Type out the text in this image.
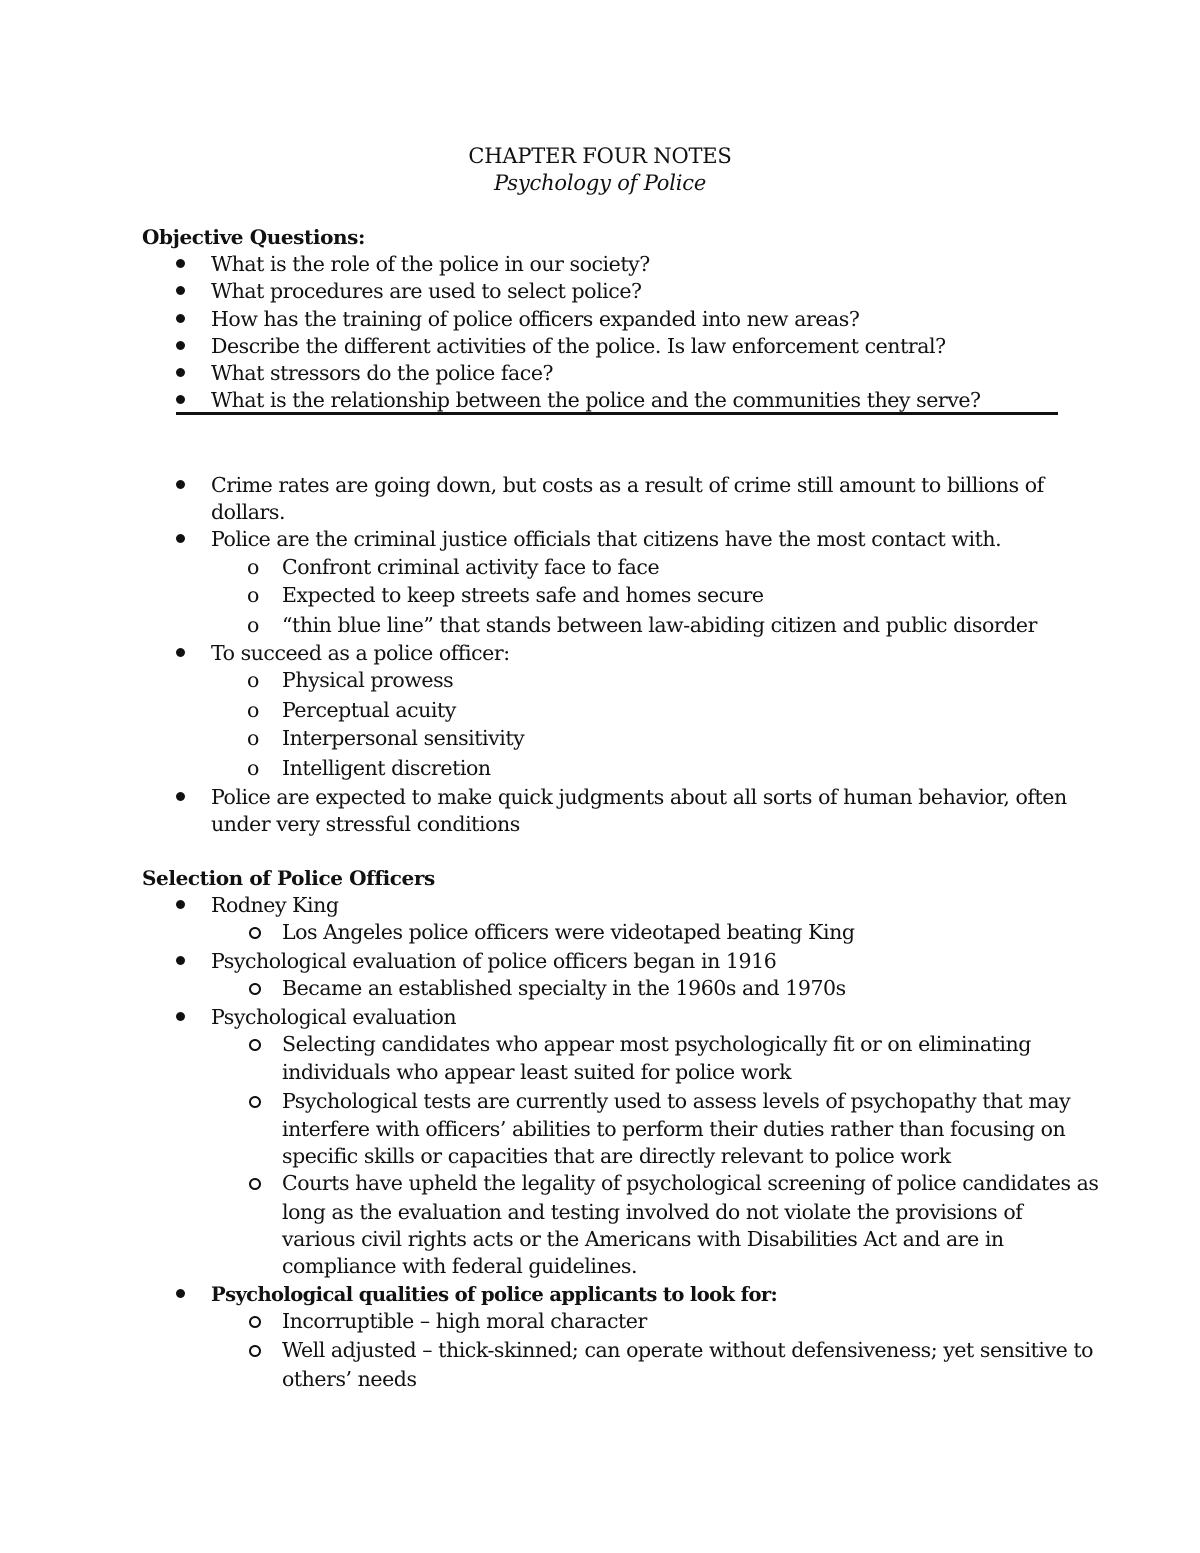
CHAPTER FOUR NOTES
Psychology of Police
Objective Questions:
What is the role of the police in our society?
What procedures are used to select police?
How has the training of police officers expanded into new areas?
Describe the different activities of the police. Is law enforcement central?
What stressors do the police face?
What is the relationship between the police and the communities they serve?
Crime rates are going down, but costs as a result of crime still amount to billions of
dollars.
Police are the criminal justice officials that citizens have the most contact with.
o Confront criminal activity face to face
o Expected to keep streets safe and homes secure
o “thin blue line” that stands between law-abiding citizen and public disorder
To succeed as a police officer:
o Physical prowess
o Perceptual acuity
o Interpersonal sensitivity
o Intelligent discretion
Police are expected to make quick judgments about all sorts of human behavior, often
under very stressful conditions
Selection of Police Officers
Rodney King
Los Angeles police officers were videotaped beating King
Psychological evaluation of police officers began in 1916
Became an established specialty in the 1960s and 1970s
Psychological evaluation
Selecting candidates who appear most psychologically fit or on eliminating
individuals who appear least suited for police work
Psychological tests are currently used to assess levels of psychopathy that may
interfere with officers’ abilities to perform their duties rather than focusing on
specific skills or capacities that are directly relevant to police work
Courts have upheld the legality of psychological screening of police candidates as
long as the evaluation and testing involved do not violate the provisions of
various civil rights acts or the Americans with Disabilities Act and are in
compliance with federal guidelines.
Psychological qualities of police applicants to look for:
Incorruptible – high moral character
Well adjusted – thick-skinned; can operate without defensiveness; yet sensitive to
others’ needs
